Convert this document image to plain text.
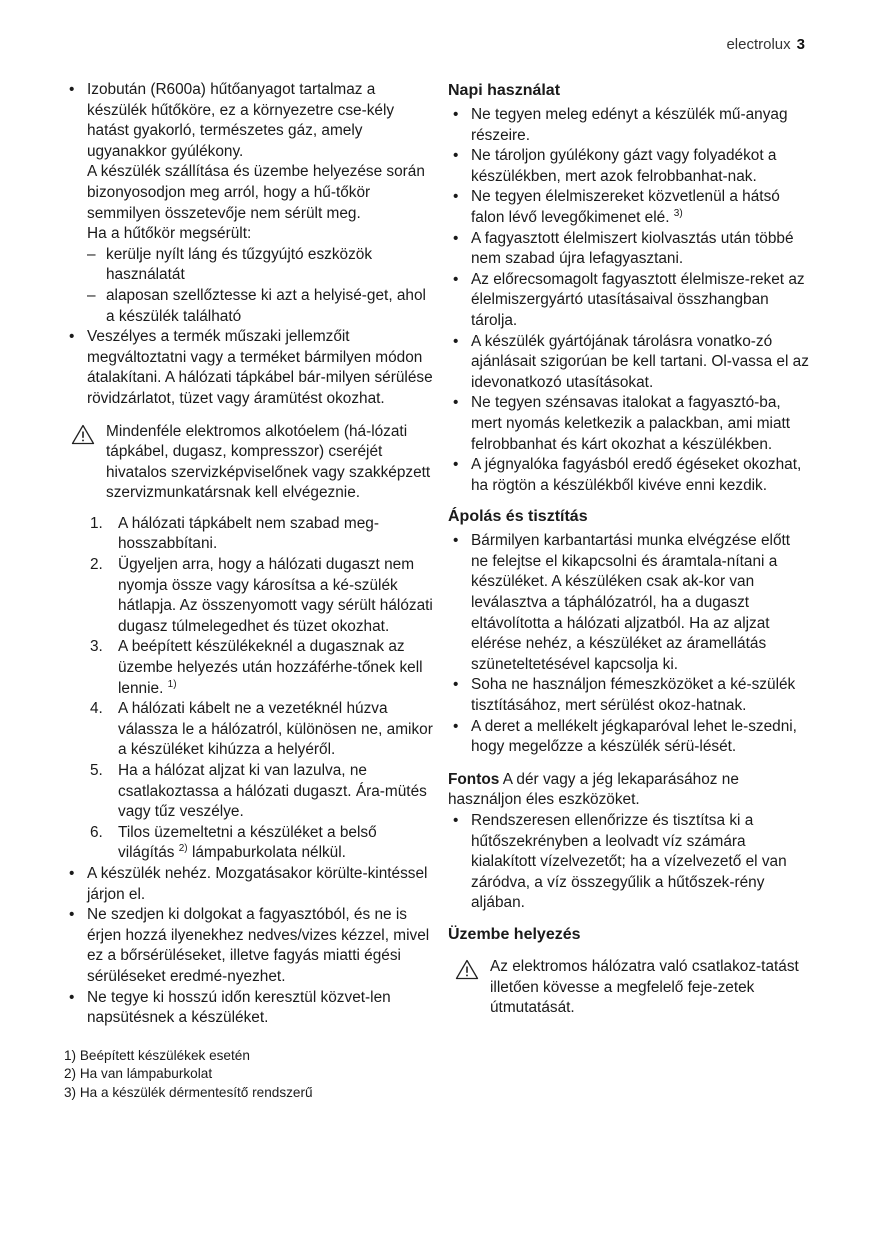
electrolux 3

• Izobután (R600a) hűtőanyagot tartalmaz a készülék hűtőköre, ez a környezetre cse-kély hatást gyakorló, természetes gáz, amely ugyanakkor gyúlékony.

A készülék szállítása és üzembe helyezése során bizonyosodjon meg arról, hogy a hű-tőkör semmilyen összetevője nem sérült meg.

Ha a hűtőkör megsérült:

– kerülje nyílt láng és tűzgyújtó eszközök használatát
– alaposan szellőztesse ki azt a helyisé-get, ahol a készülék található
• Veszélyes a termék műszaki jellemzőit megváltoztatni vagy a terméket bármilyen módon átalakítani. A hálózati tápkábel bár-milyen sérülése rövidzárlatot, tüzet vagy áramütést okozhat.
Mindenféle elektromos alkotóelem (há-lózati tápkábel, dugasz, kompresszor) cseréjét hivatalos szervizképviselőnek vagy szakképzett szervizmunkatársnak kell elvégeznie.
1. A hálózati tápkábelt nem szabad meg-hosszabbítani.
2. Ügyeljen arra, hogy a hálózati dugaszt nem nyomja össze vagy károsítsa a ké-szülék hátlapja. Az összenyomott vagy sérült hálózati dugasz túlmelegedhet és tüzet okozhat.
3. A beépített készülékeknél a dugasznak az üzembe helyezés után hozzáférhe-tőnek kell lennie. $^{1)}$
4. A hálózati kábelt ne a vezetéknél húzva válassza le a hálózatról, különösen ne, amikor a készüléket kihúzza a helyéről.
5. Ha a hálózat aljzat ki van lazulva, ne csatlakoztassa a hálózati dugaszt. Ára-mütés vagy tűz veszélye.
6. Tilos üzemeltetni a készüléket a belső világítás $^{2)}$ lámpaburkolata nélkül.
• A készülék nehéz. Mozgatásakor körülte-kintéssel járjon el.
• Ne szedjen ki dolgokat a fagyasztóból, és ne is érjen hozzá ilyenekhez nedves/vizes kézzel, mivel ez a bőrsérüléseket, illetve fagyás miatti égési sérüléseket eredmé-nyezhet.
• Ne tegye ki hosszú időn keresztül közvet-len napsütésnek a készüléket.
1) Beépített készülékek esetén
2) Ha van lámpaburkolat
3) Ha a készülék dérmentesítő rendszerű
Napi használat
• Ne tegyen meleg edényt a készülék mű-anyag részeire.
• Ne tároljon gyúlékony gázt vagy folyadékot a készülékben, mert azok felrobbanhat-nak.
• Ne tegyen élelmiszereket közvetlenül a hátsó falon lévő levegőkimenet elé. $^{3)}$
• A fagyasztott élelmiszert kiolvasztás után többé nem szabad újra lefagyasztani.
• Az előrecsomagolt fagyasztott élelmisze-reket az élelmiszergyártó utasításaival összhangban tárolja.
• A készülék gyártójának tárolásra vonatko-zó ajánlásait szigorúan be kell tartani. Ol-vassa el az idevonatkozó utasításokat.
• Ne tegyen szénsavas italokat a fagyasztó-ba, mert nyomás keletkezik a palackban, ami miatt felrobbanhat és kárt okozhat a készülékben.
• A jégnyalóka fagyásból eredő égéseket okozhat, ha rögtön a készülékből kivéve enni kezdik.
Ápolás és tisztítás
• Bármilyen karbantartási munka elvégzése előtt ne felejtse el kikapcsolni és áramtala-nítani a készüléket. A készüléken csak ak-kor van leválasztva a táphálózatról, ha a dugaszt eltávolította a hálózati aljzatból. Ha az aljzat elérése nehéz, a készüléket az áramellátás szüneteltetésével kapcsolja ki.
• Soha ne használjon fémeszközöket a ké-szülék tisztításához, mert sérülést okoz-hatnak.
• A deret a mellékelt jégkaparóval lehet le-szedni, hogy megelőzze a készülék sérü-lését.
Fontos A dér vagy a jég lekaparásához ne használjon éles eszközöket.
• Rendszeresen ellenőrizze és tisztítsa ki a hűtőszekrényben a leolvadt víz számára kialakított vízelvezetőt; ha a vízelvezető el van záródva, a víz összegyűlik a hűtőszek-rény aljában.
Üzembe helyezés
Az elektromos hálózatra való csatlakoz-tatást illetően kövesse a megfelelő feje-zetek útmutatását.
